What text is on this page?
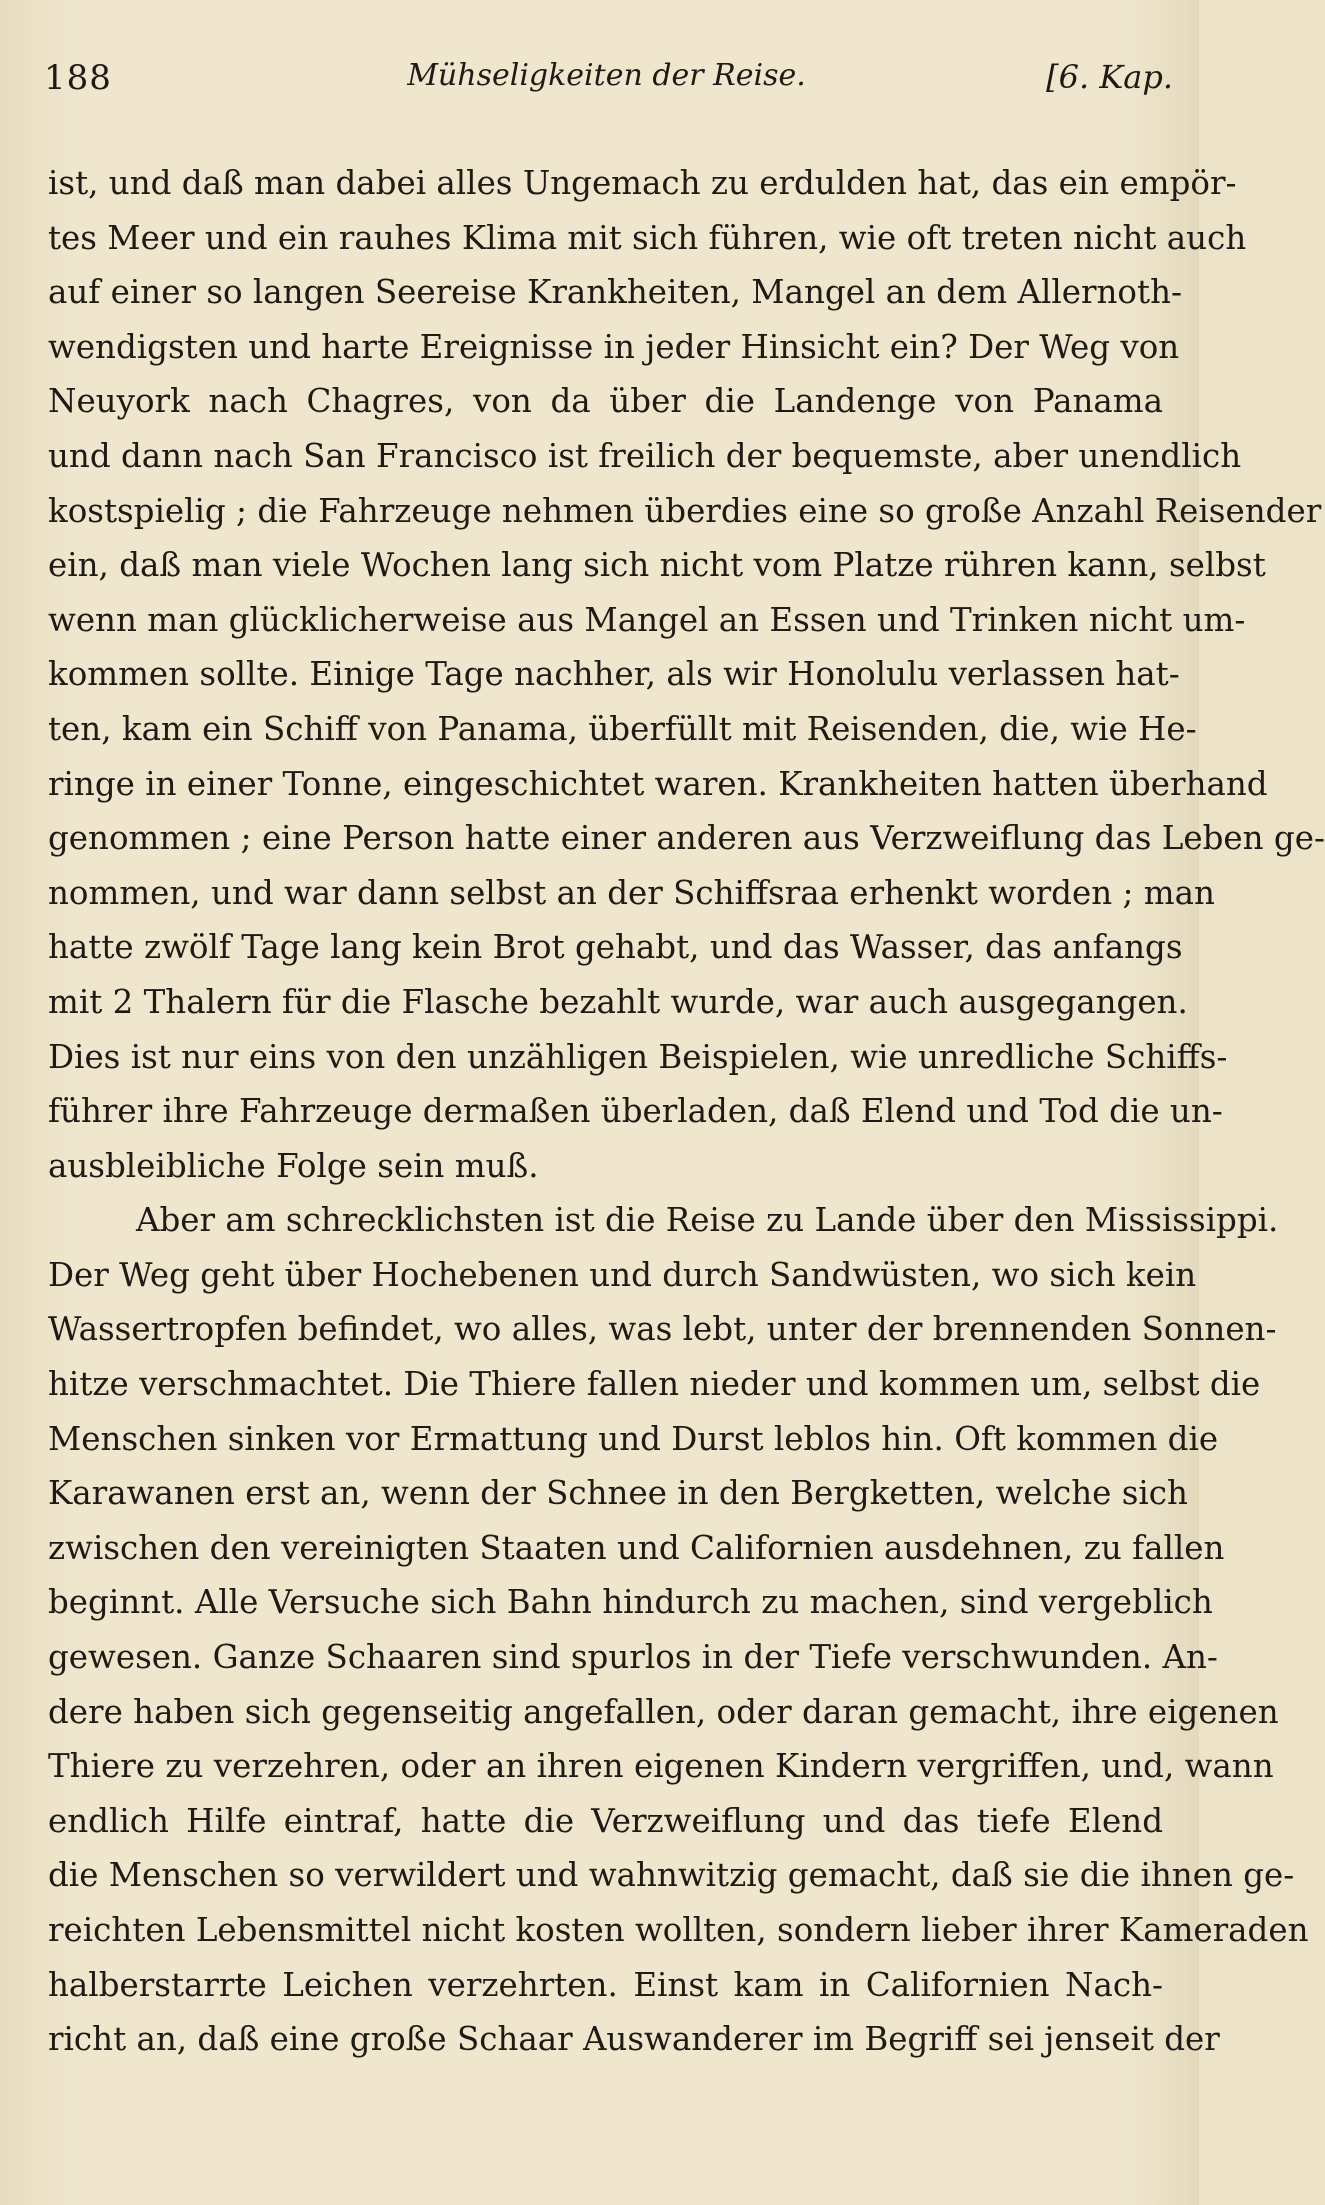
188	Mühseligkeiten der Reise.	[6. Kap.
ist, und daß man dabei alles Ungemach zu erdulden hat, das ein empör-
tes Meer und ein rauhes Klima mit sich führen, wie oft treten nicht auch
auf einer so langen Seereise Krankheiten, Mangel an dem Allernoth-
wendigsten und harte Ereignisse in jeder Hinsicht ein? Der Weg von
Neuyork nach Chagres, von da über die Landenge von Panama
und dann nach San Francisco ist freilich der bequemste, aber unendlich
kostspielig ; die Fahrzeuge nehmen überdies eine so große Anzahl Reisender
ein, daß man viele Wochen lang sich nicht vom Platze rühren kann, selbst
wenn man glücklicherweise aus Mangel an Essen und Trinken nicht um-
kommen sollte. Einige Tage nachher, als wir Honolulu verlassen hat-
ten, kam ein Schiff von Panama, überfüllt mit Reisenden, die, wie He-
ringe in einer Tonne, eingeschichtet waren. Krankheiten hatten überhand
genommen ; eine Person hatte einer anderen aus Verzweiflung das Leben ge-
nommen, und war dann selbst an der Schiffsraa erhenkt worden ; man
hatte zwölf Tage lang kein Brot gehabt, und das Wasser, das anfangs
mit 2 Thalern für die Flasche bezahlt wurde, war auch ausgegangen.
Dies ist nur eins von den unzähligen Beispielen, wie unredliche Schiffs-
führer ihre Fahrzeuge dermaßen überladen, daß Elend und Tod die un-
ausbleibliche Folge sein muß.
Aber am schrecklichsten ist die Reise zu Lande über den Mississippi.
Der Weg geht über Hochebenen und durch Sandwüsten, wo sich kein
Wassertropfen befindet, wo alles, was lebt, unter der brennenden Sonnen-
hitze verschmachtet. Die Thiere fallen nieder und kommen um, selbst die
Menschen sinken vor Ermattung und Durst leblos hin. Oft kommen die
Karawanen erst an, wenn der Schnee in den Bergketten, welche sich
zwischen den vereinigten Staaten und Californien ausdehnen, zu fallen
beginnt. Alle Versuche sich Bahn hindurch zu machen, sind vergeblich
gewesen. Ganze Schaaren sind spurlos in der Tiefe verschwunden. An-
dere haben sich gegenseitig angefallen, oder daran gemacht, ihre eigenen
Thiere zu verzehren, oder an ihren eigenen Kindern vergriffen, und, wann
endlich Hilfe eintraf, hatte die Verzweiflung und das tiefe Elend
die Menschen so verwildert und wahnwitzig gemacht, daß sie die ihnen ge-
reichten Lebensmittel nicht kosten wollten, sondern lieber ihrer Kameraden
halberstarrte Leichen verzehrten. Einst kam in Californien Nach-
richt an, daß eine große Schaar Auswanderer im Begriff sei jenseit der
